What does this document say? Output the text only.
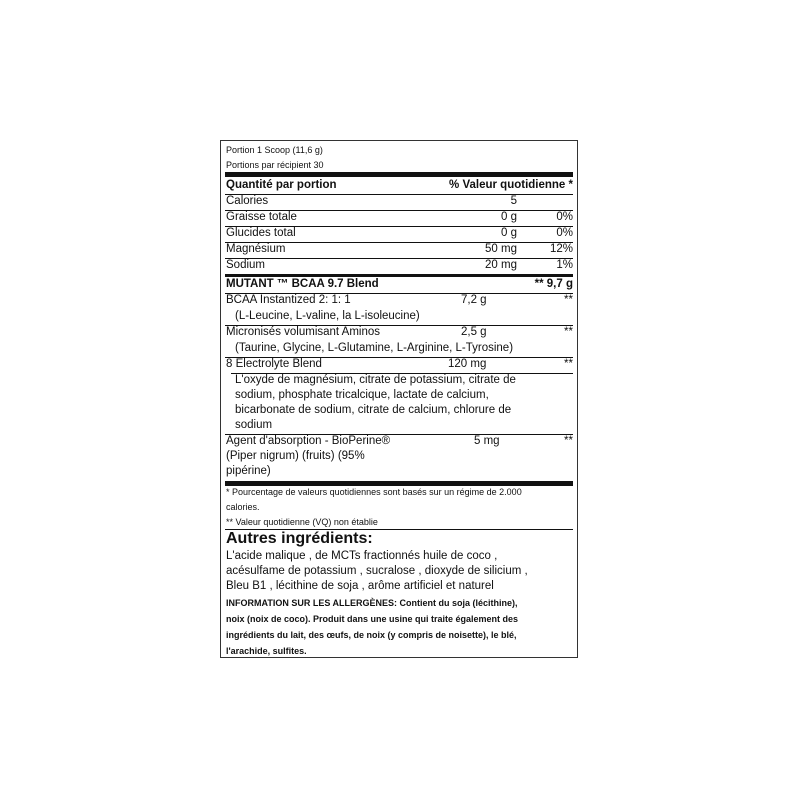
Portion 1 Scoop (11,6 g)
Portions par récipient 30
Quantité par portion	% Valeur quotidienne *
Calories	5
Graisse totale	0 g	0%
Glucides total	0 g	0%
Magnésium	50 mg	12%
Sodium	20 mg	1%
MUTANT ™ BCAA 9.7 Blend	** 9,7 g
BCAA Instantized 2: 1: 1	7,2 g	**
(L-Leucine, L-valine, la L-isoleucine)
Micronisés volumisant Aminos	2,5 g	**
(Taurine, Glycine, L-Glutamine, L-Arginine, L-Tyrosine)
8 Electrolyte Blend	120 mg	**
L'oxyde de magnésium, citrate de potassium, citrate de
sodium, phosphate tricalcique, lactate de calcium,
bicarbonate de sodium, citrate de calcium, chlorure de
sodium
Agent d'absorption - BioPerine®
(Piper nigrum) (fruits) (95%
pipérine)
5 mg	**
* Pourcentage de valeurs quotidiennes sont basés sur un régime de 2.000
calories.
** Valeur quotidienne (VQ) non établie
Autres ingrédients:
L'acide malique , de MCTs fractionnés huile de coco ,
acésulfame de potassium , sucralose , dioxyde de silicium ,
Bleu B1 , lécithine de soja , arôme artificiel et naturel
INFORMATION SUR LES ALLERGÈNES: Contient du soja (lécithine),
noix (noix de coco). Produit dans une usine qui traite également des
ingrédients du lait, des œufs, de noix (y compris de noisette), le blé,
l'arachide, sulfites.
